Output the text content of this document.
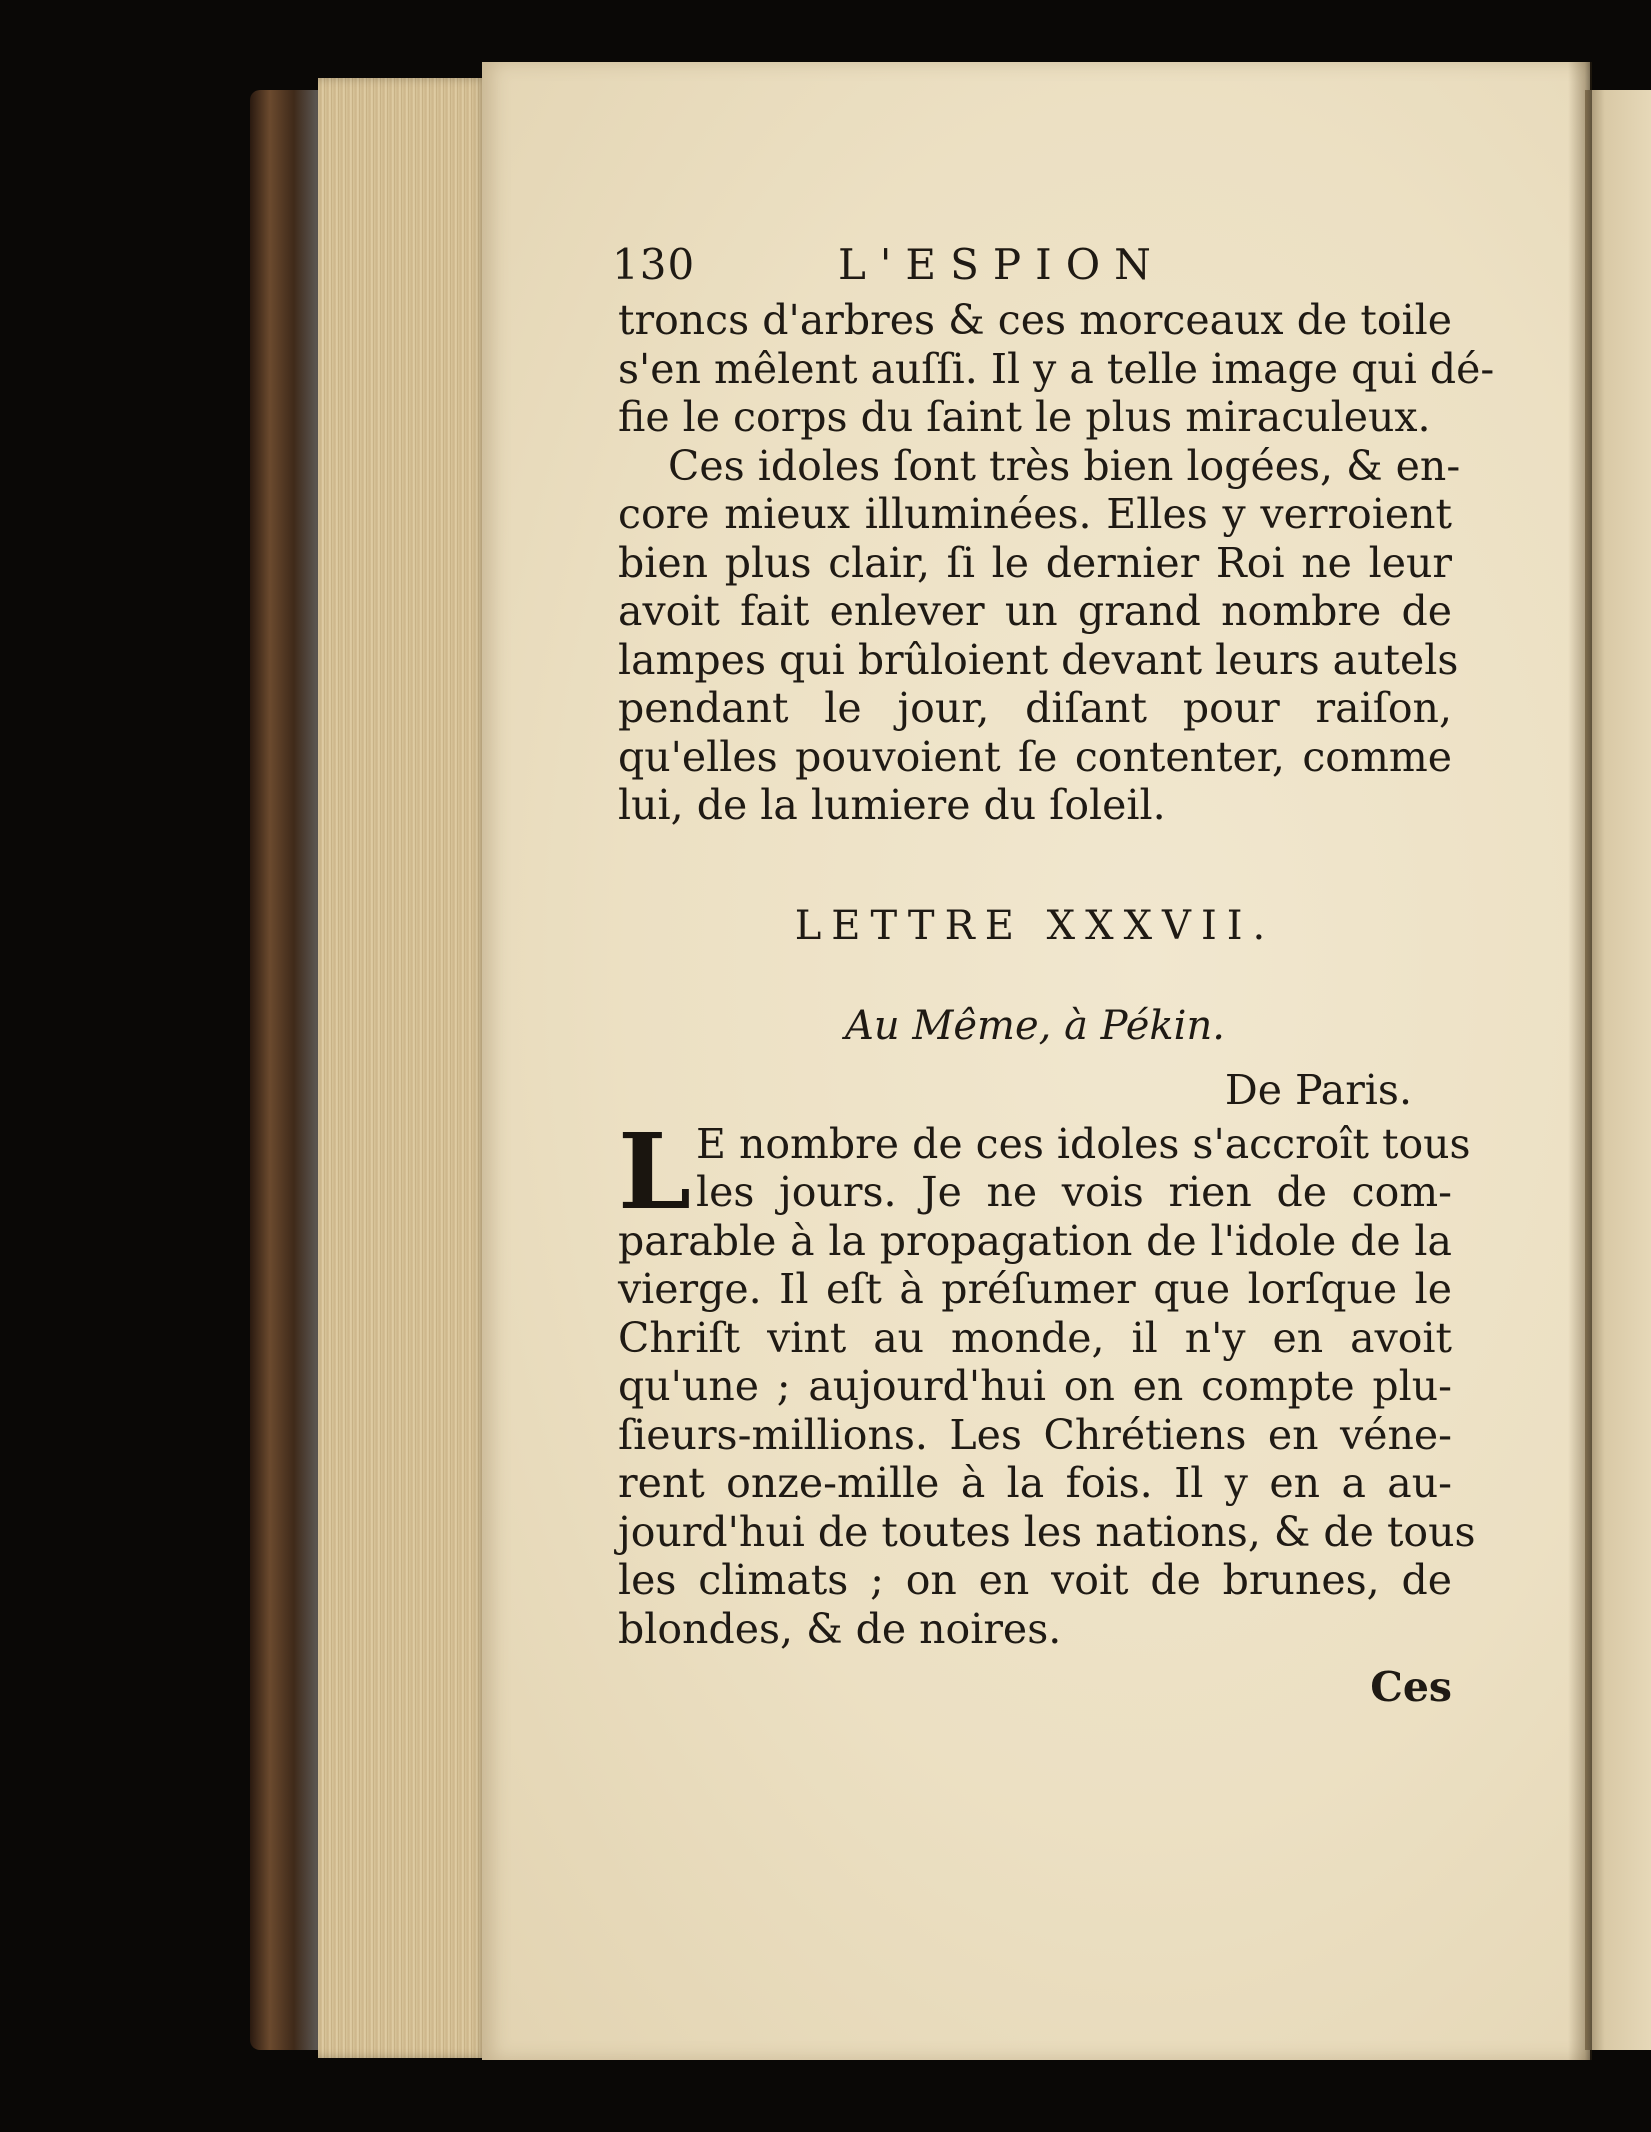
130	L'ESPION
troncs d'arbres & ces morceaux de toile
s'en mêlent auſſi. Il y a telle image qui dé-
fie le corps du ſaint le plus miraculeux.
Ces idoles ſont très bien logées, & en-
core mieux illuminées. Elles y verroient
bien plus clair, ſi le dernier Roi ne leur
avoit fait enlever un grand nombre de
lampes qui brûloient devant leurs autels
pendant le jour, diſant pour raiſon,
qu'elles pouvoient ſe contenter, comme
lui, de la lumiere du ſoleil.
LETTRE XXXVII.
Au Même, à Pékin.
De Paris.
L E nombre de ces idoles s'accroît tous
les jours. Je ne vois rien de com-
parable à la propagation de l'idole de la
vierge. Il eſt à préſumer que lorſque le
Chriſt vint au monde, il n'y en avoit
qu'une ; aujourd'hui on en compte plu-
ſieurs-millions. Les Chrétiens en véne-
rent onze-mille à la fois. Il y en a au-
jourd'hui de toutes les nations, & de tous
les climats ; on en voit de brunes, de
blondes, & de noires.
Ces
